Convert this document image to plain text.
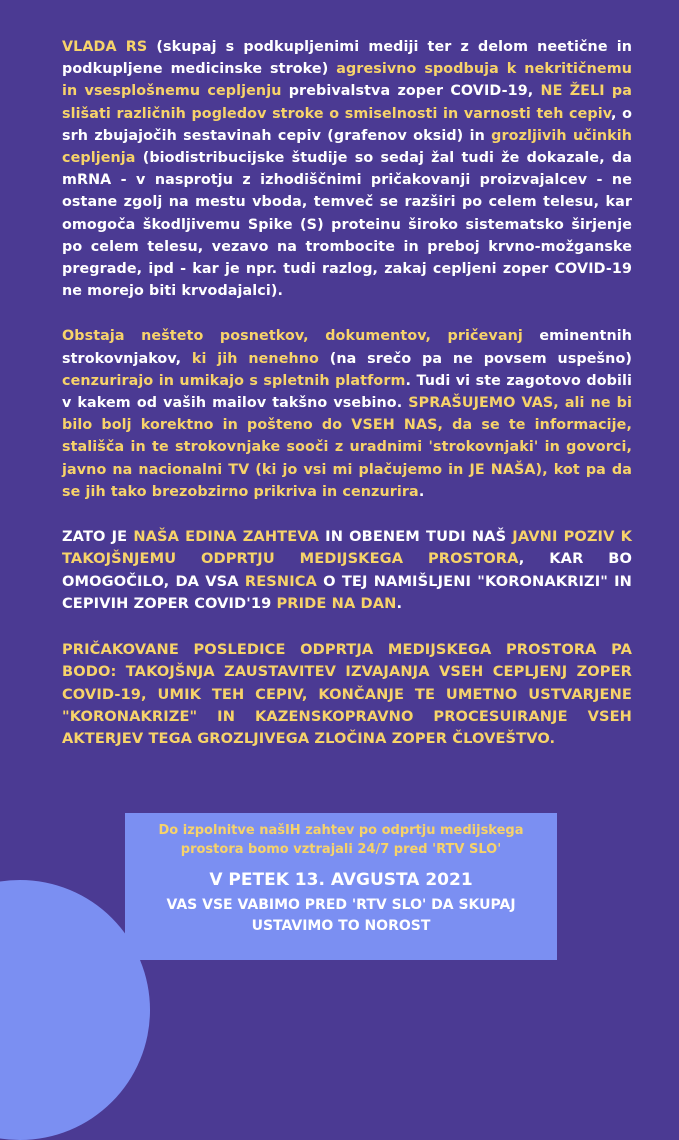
VLADA RS (skupaj s podkupljenimi mediji ter z delom neetične in podkupljene medicinske stroke) agresivno spodbuja k nekritičnemu in vsesplošnemu cepljenju prebivalstva zoper COVID-19, NE ŽELI pa slišati različnih pogledov stroke o smiselnosti in varnosti teh cepiv, o srh zbujajočih sestavinah cepiv (grafenov oksid) in grozljivih učinkih cepljenja (biodistribucijske študije so sedaj žal tudi že dokazale, da mRNA - v nasprotju z izhodiščnimi pričakovanji proizvajalcev - ne ostane zgolj na mestu vboda, temveč se razširi po celem telesu, kar omogoča škodljivemu Spike (S) proteinu široko sistematsko širjenje po celem telesu, vezavo na trombocite in preboj krvno-možganske pregrade, ipd - kar je npr. tudi razlog, zakaj cepljeni zoper COVID-19 ne morejo biti krvodajalci).

Obstaja nešteto posnetkov, dokumentov, pričevanj eminentnih strokovnjakov, ki jih nenehno (na srečo pa ne povsem uspešno) cenzurirajo in umikajo s spletnih platform. Tudi vi ste zagotovo dobili v kakem od vaših mailov takšno vsebino. SPRAŠUJEMO VAS, ali ne bi bilo bolj korektno in pošteno do VSEH NAS, da se te informacije, stališča in te strokovnjake sooči z uradnimi 'strokovnjaki' in govorci, javno na nacionalni TV (ki jo vsi mi plačujemo in JE NAŠA), kot pa da se jih tako brezobzirno prikriva in cenzurira.

ZATO JE NAŠA EDINA ZAHTEVA IN OBENEM TUDI NAŠ JAVNI POZIV K TAKOJŠNJEMU ODPRTJU MEDIJSKEGA PROSTORA, KAR BO OMOGOČILO, DA VSA RESNICA O TEJ NAMIŠLJENI "KORONAKRIZI" IN CEPIVIH ZOPER COVID'19 PRIDE NA DAN.

PRIČAKOVANE POSLEDICE ODPRTJA MEDIJSKEGA PROSTORA PA BODO: TAKOJŠNJA ZAUSTAVITEV IZVAJANJA VSEH CEPLJENJ ZOPER COVID-19, UMIK TEH CEPIV, KONČANJE TE UMETNO USTVARJENE "KORONAKRIZE" IN KAZENSKOPRAVNO PROCESUIRANJE VSEH AKTERJEV TEGA GROZLJIVEGA ZLOČINA ZOPER ČLOVEŠTVO.

Do izpolnitve našIH zahtev po odprtju medijskega prostora bomo vztrajali 24/7 pred 'RTV SLO'
V PETEK 13. AVGUSTA 2021
VAS VSE VABIMO PRED 'RTV SLO' DA SKUPAJ USTAVIMO TO NOROST
